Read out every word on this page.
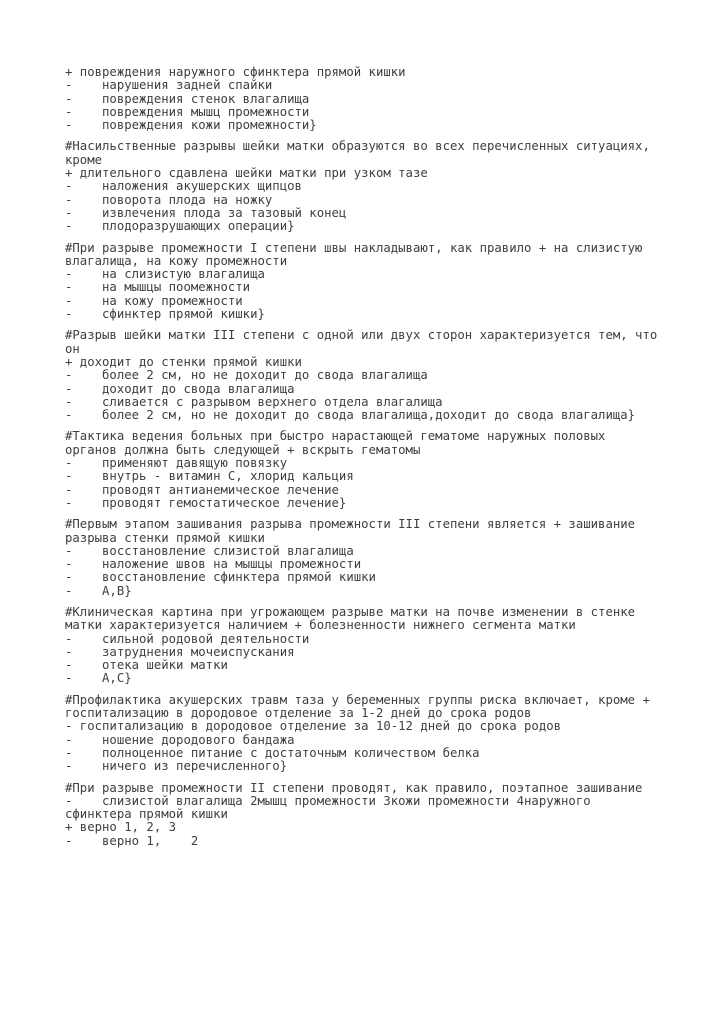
+ повреждения наружного сфинктера прямой кишки
-    нарушения задней спайки
-    повреждения стенок влагалища
-    повреждения мышц промежности
-    повреждения кожи промежности}
#Насильственные разрывы шейки матки образуются во всех перечисленных ситуациях,
кроме
+ длительного сдавлена шейки матки при узком тазе
-    наложения акушерских щипцов
-    поворота плода на ножку
-    извлечения плода за тазовый конец
-    плодоразрушающих операции}
#При разрыве промежности I степени швы накладывают, как правило + на слизистую
влагалища, на кожу промежности
-    на слизистую влагалища
-    на мышцы поомежности
-    на кожу промежности
-    сфинктер прямой кишки}
#Разрыв шейки матки III степени с одной или двух сторон характеризуется тем, что
он
+ доходит до стенки прямой кишки
-    более 2 см, но не доходит до свода влагалища
-    доходит до свода влагалища
-    сливается с разрывом верхнего отдела влагалища
-    более 2 см, но не доходит до свода влагалища,доходит до свода влагалища}
#Тактика ведения больных при быстро нарастающей гематоме наружных половых
органов должна быть следующей + вскрыть гематомы
-    применяют давящую повязку
-    внутрь - витамин С, хлорид кальция
-    проводят антианемическое лечение
-    проводят гемостатическое лечение}
#Первым этапом зашивания разрыва промежности III степени является + зашивание
разрыва стенки прямой кишки
-    восстановление слизистой влагалища
-    наложение швов на мышцы промежности
-    восстановление сфинктера прямой кишки
-    А,В}
#Клиническая картина при угрожающем разрыве матки на почве изменении в стенке
матки характеризуется наличием + болезненности нижнего сегмента матки
-    сильной родовой деятельности
-    затруднения мочеиспускания
-    отека шейки матки
-    А,С}
#Профилактика акушерских травм таза у беременных группы риска включает, кроме +
госпитализацию в дородовое отделение за 1-2 дней до срока родов
- госпитализацию в дородовое отделение за 10-12 дней до срока родов
-    ношение дородового бандажа
-    полноценное питание с достаточным количеством белка
-    ничего из перечисленного}
#При разрыве промежности II степени проводят, как правило, поэтапное зашивание
-    слизистой влагалища 2мышц промежности 3кожи промежности 4наружного
сфинктера прямой кишки
+ верно 1, 2, 3
-    верно 1,    2
